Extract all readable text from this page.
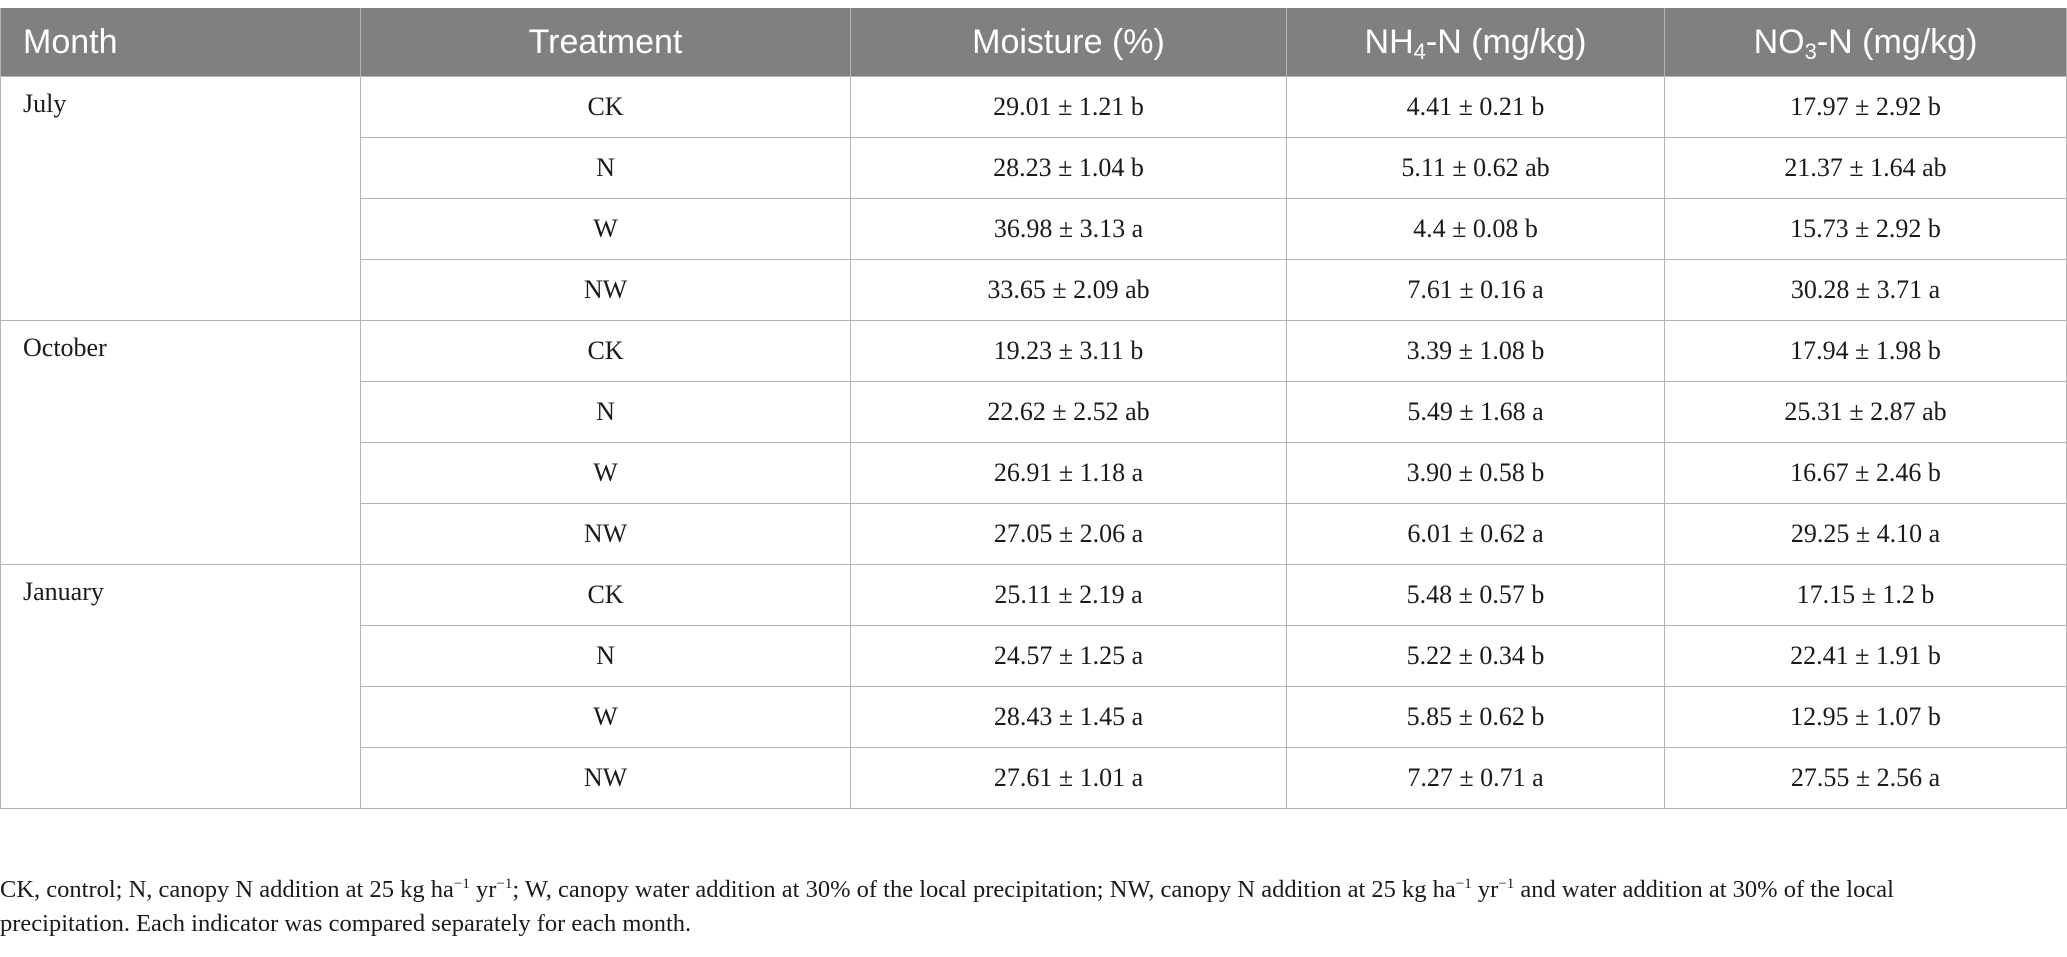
Month	Treatment	Moisture (%)	$NH_4-N$ (mg/kg)	$NO_3-N$ (mg/kg)
July	CK	29.01 ± 1.21 b	4.41 ± 0.21 b	17.97 ± 2.92 b
	N	28.23 ± 1.04 b	5.11 ± 0.62 ab	21.37 ± 1.64 ab
	W	36.98 ± 3.13 a	4.4 ± 0.08 b	15.73 ± 2.92 b
	NW	33.65 ± 2.09 ab	7.61 ± 0.16 a	30.28 ± 3.71 a
October	CK	19.23 ± 3.11 b	3.39 ± 1.08 b	17.94 ± 1.98 b
	N	22.62 ± 2.52 ab	5.49 ± 1.68 a	25.31 ± 2.87 ab
	W	26.91 ± 1.18 a	3.90 ± 0.58 b	16.67 ± 2.46 b
	NW	27.05 ± 2.06 a	6.01 ± 0.62 a	29.25 ± 4.10 a
January	CK	25.11 ± 2.19 a	5.48 ± 0.57 b	17.15 ± 1.2 b
	N	24.57 ± 1.25 a	5.22 ± 0.34 b	22.41 ± 1.91 b
	W	28.43 ± 1.45 a	5.85 ± 0.62 b	12.95 ± 1.07 b
	NW	27.61 ± 1.01 a	7.27 ± 0.71 a	27.55 ± 2.56 a

CK, control; N, canopy N addition at 25 kg $ha^{-1}$ $yr^{-1}$; W, canopy water addition at 30% of the local precipitation; NW, canopy N addition at 25 kg $ha^{-1}$ $yr^{-1}$ and water addition at 30% of the local
precipitation. Each indicator was compared separately for each month.
